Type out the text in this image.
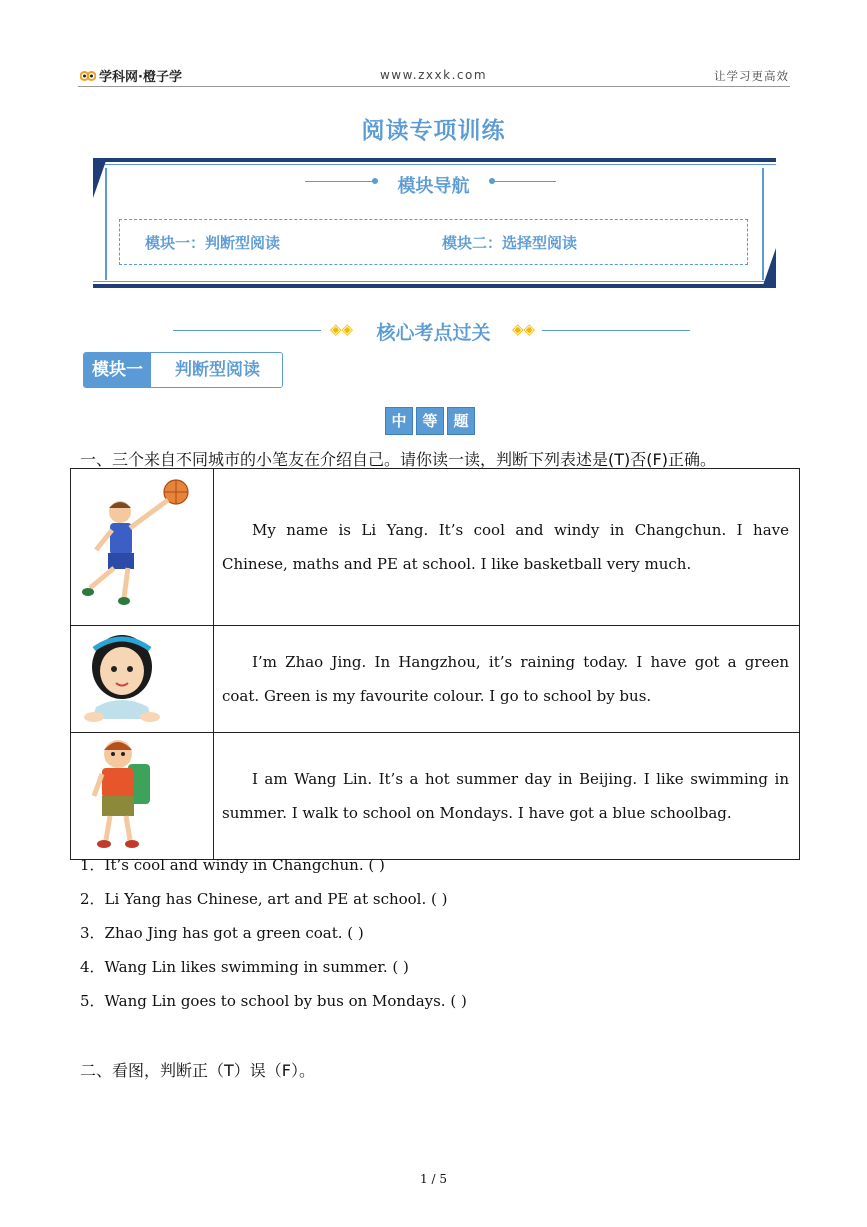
学科网·橙子学	www.zxxk.com	让学习更高效
阅读专项训练
模块导航
模块一：判断型阅读	模块二：选择型阅读
◈◈	核心考点过关	◈◈
模块一	判断型阅读
中	等	题
一、三个来自不同城市的小笔友在介绍自己。请你读一读，判断下列表述是(T)否(F)正确。

My name is Li Yang. It’s cool and windy in Changchun. I have Chinese, maths and PE at school. I like basketball very much.

I’m Zhao Jing. In Hangzhou, it’s raining today. I have got a green coat. Green is my favourite colour. I go to school by bus.

I am Wang Lin. It’s a hot summer day in Beijing. I like swimming in summer. I walk to school on Mondays. I have got a blue schoolbag.
1．It’s cool and windy in Changchun. ( )
2．Li Yang has Chinese, art and PE at school. ( )
3．Zhao Jing has got a green coat. ( )
4．Wang Lin likes swimming in summer. ( )
5．Wang Lin goes to school by bus on Mondays. ( )
二、看图，判断正（T）误（F）。
1 / 5
